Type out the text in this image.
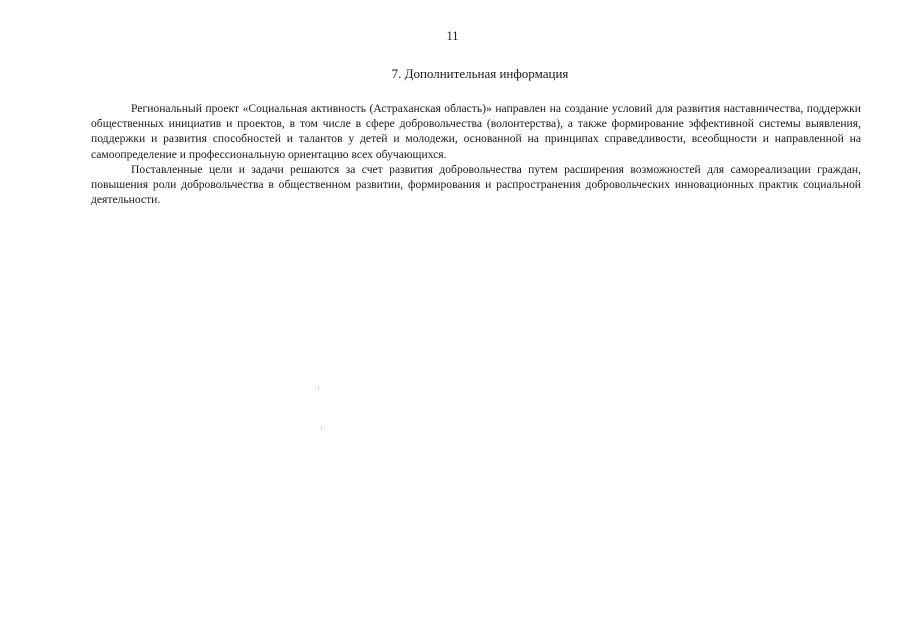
11
7. Дополнительная информация

Региональный проект «Социальная активность (Астраханская область)» направлен на создание условий для развития наставничества, поддержки общественных инициатив и проектов, в том числе в сфере добровольчества (волонтерства), а также формирование эффективной системы выявления, поддержки и развития способностей и талантов у детей и молодежи, основанной на принципах справедливости, всеобщности и направленной на самоопределение и профессиональную ориентацию всех обучающихся.

Поставленные цели и задачи решаются за счет развития добровольчества путем расширения возможностей для самореализации граждан, повышения роли добровольчества в общественном развитии, формирования и распространения добровольческих инновационных практик социальной деятельности.
